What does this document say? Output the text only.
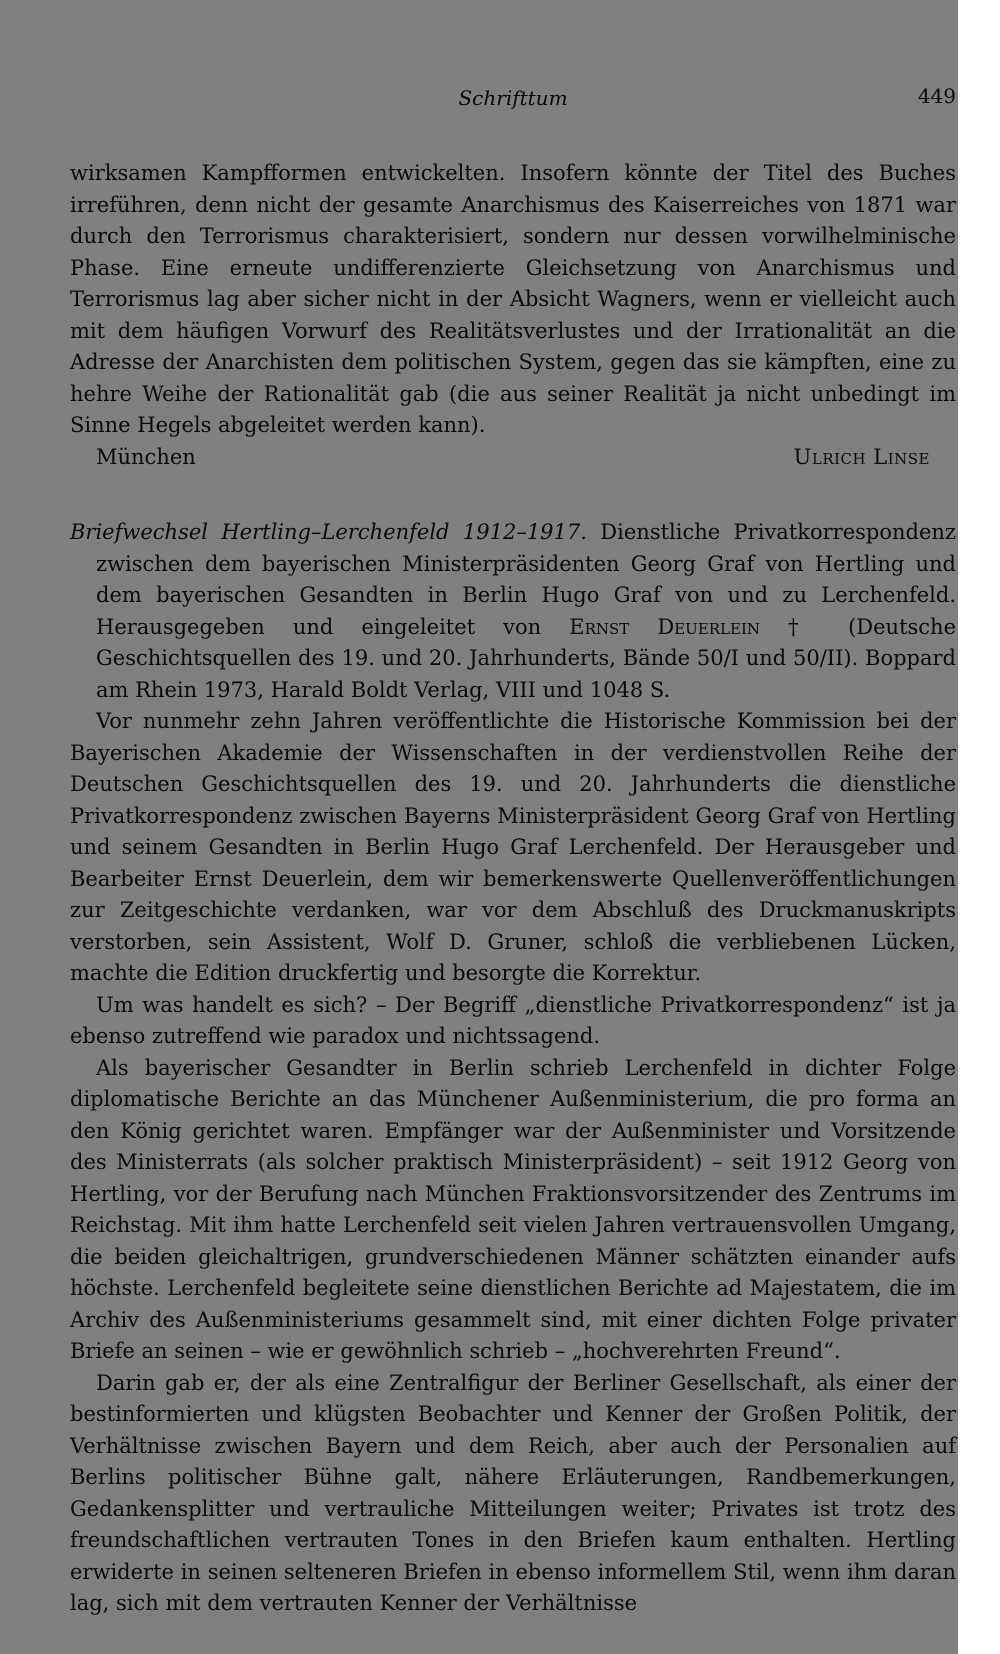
Schrifttum	449

wirksamen Kampfformen entwickelten. Insofern könnte der Titel des Buches irreführen, denn nicht der gesamte Anarchismus des Kaiserreiches von 1871 war durch den Terrorismus charakterisiert, sondern nur dessen vorwilhelminische Phase. Eine erneute undifferenzierte Gleichsetzung von Anarchismus und Terrorismus lag aber sicher nicht in der Absicht Wagners, wenn er vielleicht auch mit dem häufigen Vorwurf des Realitätsverlustes und der Irrationalität an die Adresse der Anarchisten dem politischen System, gegen das sie kämpften, eine zu hehre Weihe der Rationalität gab (die aus seiner Realität ja nicht unbedingt im Sinne Hegels abgeleitet werden kann).

München	Ulrich Linse

Briefwechsel Hertling–Lerchenfeld 1912–1917. Dienstliche Privatkorrespondenz zwischen dem bayerischen Ministerpräsidenten Georg Graf von Hertling und dem bayerischen Gesandten in Berlin Hugo Graf von und zu Lerchenfeld. Herausgegeben und eingeleitet von Ernst Deuerlein † (Deutsche Geschichtsquellen des 19. und 20. Jahrhunderts, Bände 50/I und 50/II). Boppard am Rhein 1973, Harald Boldt Verlag, VIII und 1048 S.

Vor nunmehr zehn Jahren veröffentlichte die Historische Kommission bei der Bayerischen Akademie der Wissenschaften in der verdienstvollen Reihe der Deutschen Geschichtsquellen des 19. und 20. Jahrhunderts die dienstliche Privatkorrespondenz zwischen Bayerns Ministerpräsident Georg Graf von Hertling und seinem Gesandten in Berlin Hugo Graf Lerchenfeld. Der Herausgeber und Bearbeiter Ernst Deuerlein, dem wir bemerkenswerte Quellenveröffentlichungen zur Zeitgeschichte verdanken, war vor dem Abschluß des Druckmanuskripts verstorben, sein Assistent, Wolf D. Gruner, schloß die verbliebenen Lücken, machte die Edition druckfertig und besorgte die Korrektur.

Um was handelt es sich? – Der Begriff „dienstliche Privatkorrespondenz“ ist ja ebenso zutreffend wie paradox und nichtssagend.

Als bayerischer Gesandter in Berlin schrieb Lerchenfeld in dichter Folge diplomatische Berichte an das Münchener Außenministerium, die pro forma an den König gerichtet waren. Empfänger war der Außenminister und Vorsitzende des Ministerrats (als solcher praktisch Ministerpräsident) – seit 1912 Georg von Hertling, vor der Berufung nach München Fraktionsvorsitzender des Zentrums im Reichstag. Mit ihm hatte Lerchenfeld seit vielen Jahren vertrauensvollen Umgang, die beiden gleichaltrigen, grundverschiedenen Männer schätzten einander aufs höchste. Lerchenfeld begleitete seine dienstlichen Berichte ad Majestatem, die im Archiv des Außenministeriums gesammelt sind, mit einer dichten Folge privater Briefe an seinen – wie er gewöhnlich schrieb – „hochverehrten Freund“.

Darin gab er, der als eine Zentralfigur der Berliner Gesellschaft, als einer der bestinformierten und klügsten Beobachter und Kenner der Großen Politik, der Verhältnisse zwischen Bayern und dem Reich, aber auch der Personalien auf Berlins politischer Bühne galt, nähere Erläuterungen, Randbemerkungen, Gedankensplitter und vertrauliche Mitteilungen weiter; Privates ist trotz des freundschaftlichen vertrauten Tones in den Briefen kaum enthalten. Hertling erwiderte in seinen selteneren Briefen in ebenso informellem Stil, wenn ihm daran lag, sich mit dem vertrauten Kenner der Verhältnisse
